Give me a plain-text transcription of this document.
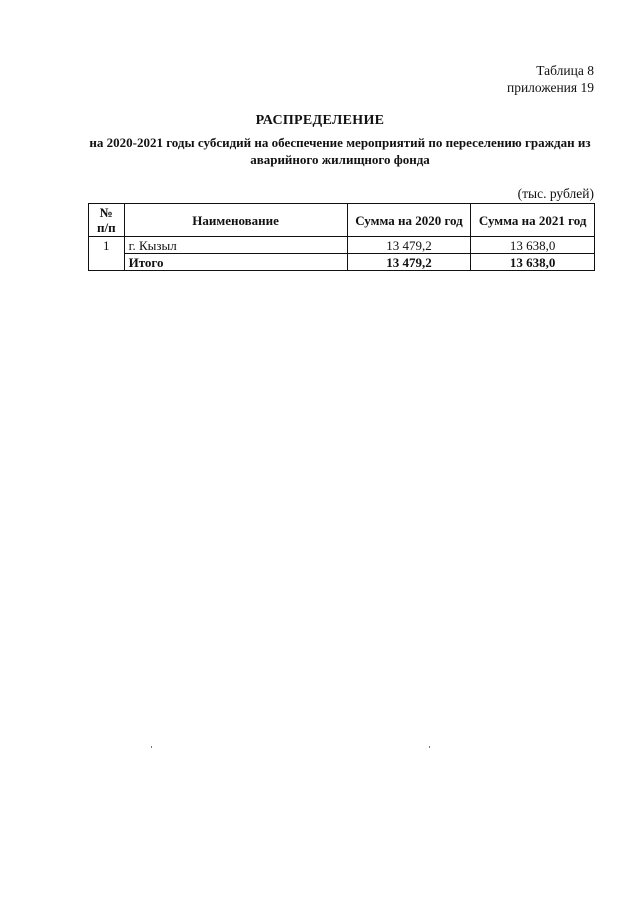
Таблица 8
приложения 19
РАСПРЕДЕЛЕНИЕ
на 2020-2021 годы субсидий на обеспечение мероприятий по переселению граждан из аварийного жилищного фонда
(тыс. рублей)
№ п/п	Наименование	Сумма на 2020 год	Сумма на 2021 год
1	г. Кызыл	13 479,2	13 638,0
	Итого	13 479,2	13 638,0
